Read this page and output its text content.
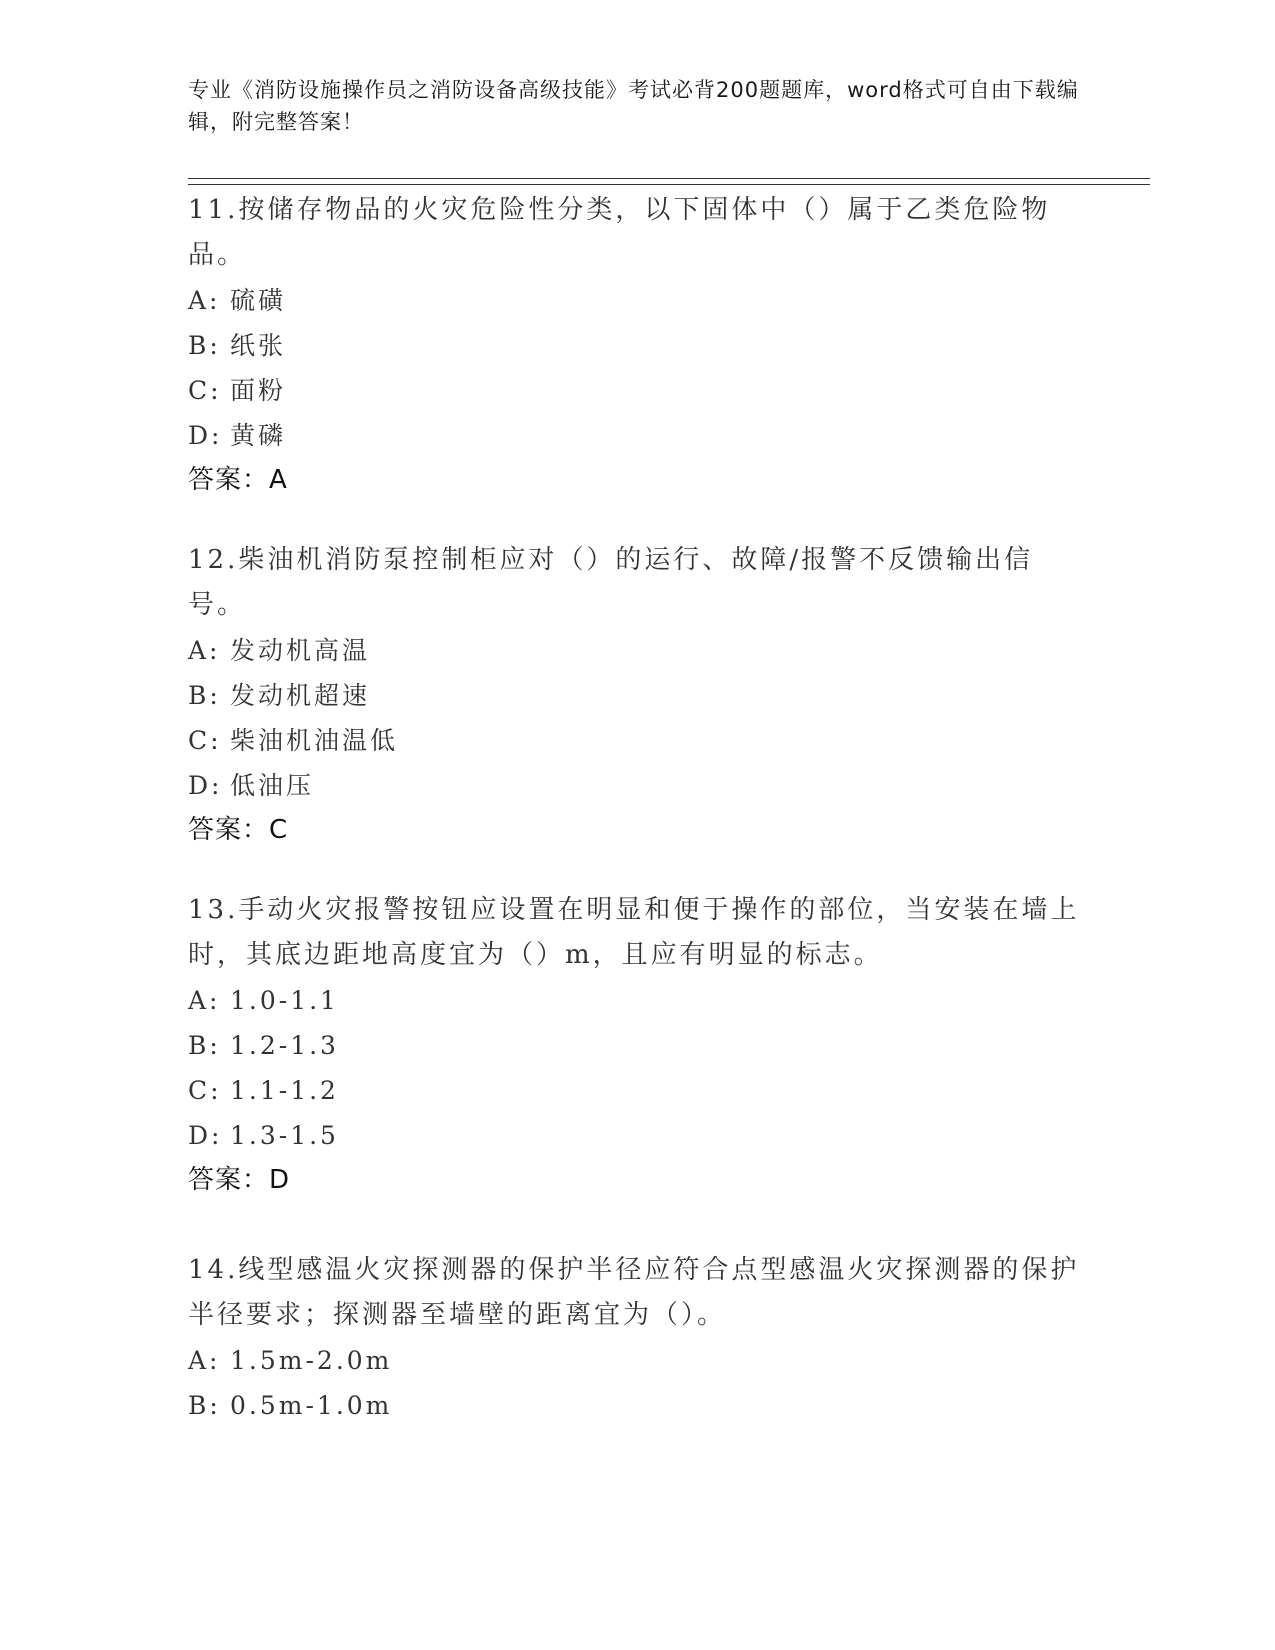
专业《消防设施操作员之消防设备高级技能》考试必背200题题库，word格式可自由下载编辑，附完整答案！
11.按储存物品的火灾危险性分类，以下固体中（）属于乙类危险物品。
A: 硫磺
B: 纸张
C: 面粉
D: 黄磷
答案：A
12.柴油机消防泵控制柜应对（）的运行、故障/报警不反馈输出信号。
A: 发动机高温
B: 发动机超速
C: 柴油机油温低
D: 低油压
答案：C
13.手动火灾报警按钮应设置在明显和便于操作的部位，当安装在墙上时，其底边距地高度宜为（）m，且应有明显的标志。
A: 1.0-1.1
B: 1.2-1.3
C: 1.1-1.2
D: 1.3-1.5
答案：D
14.线型感温火灾探测器的保护半径应符合点型感温火灾探测器的保护半径要求；探测器至墙壁的距离宜为（）。
A: 1.5m-2.0m
B: 0.5m-1.0m
